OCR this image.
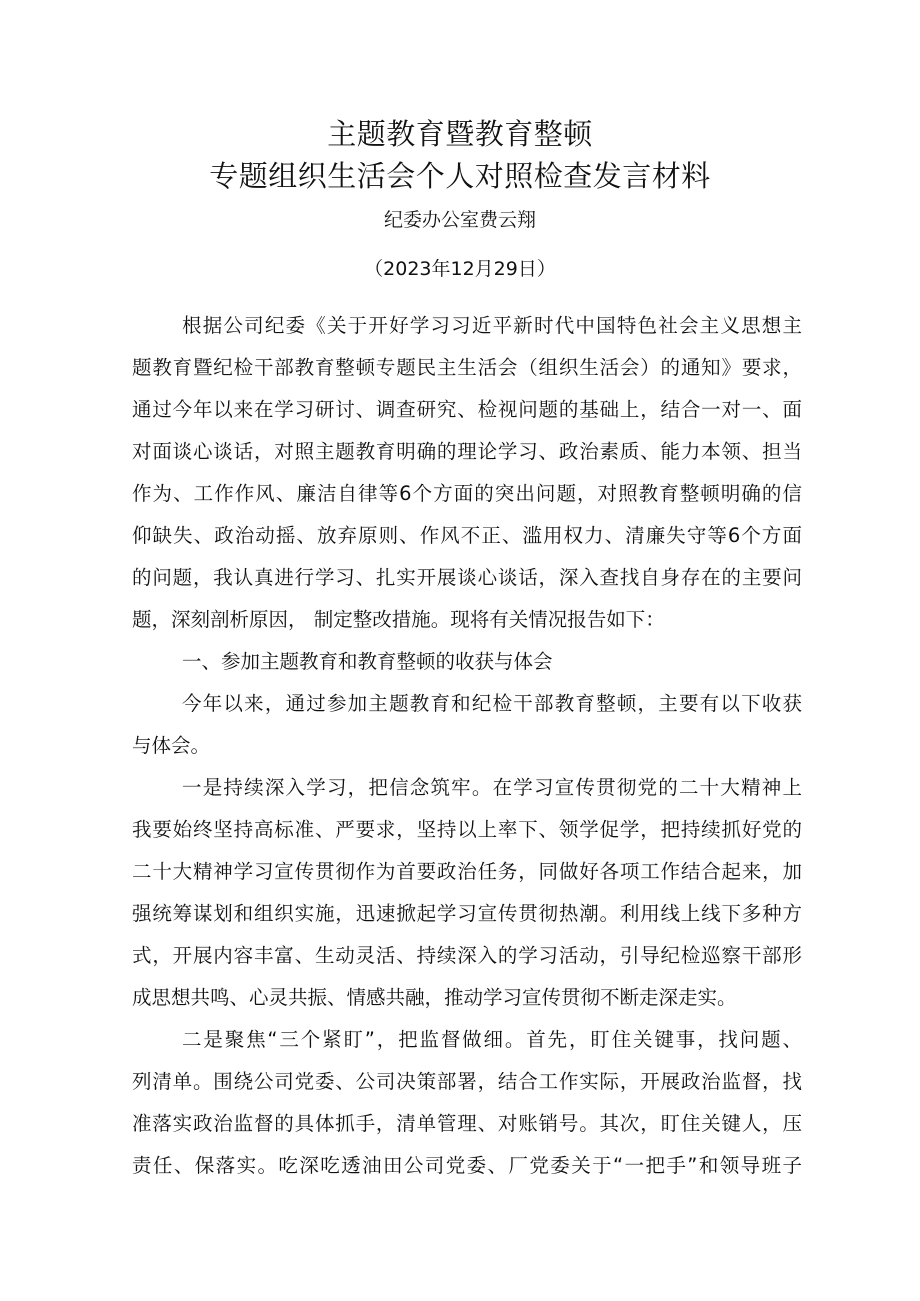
主题教育暨教育整顿
专题组织生活会个人对照检查发言材料
纪委办公室费云翔
（2023年12月29日）
根据公司纪委《关于开好学习习近平新时代中国特色社会主义思想主
题教育暨纪检干部教育整顿专题民主生活会（组织生活会）的通知》要求，
通过今年以来在学习研讨、调查研究、检视问题的基础上，结合一对一、面
对面谈心谈话，对照主题教育明确的理论学习、政治素质、能力本领、担当
作为、工作作风、廉洁自律等6个方面的突出问题，对照教育整顿明确的信
仰缺失、政治动摇、放弃原则、作风不正、滥用权力、清廉失守等6个方面
的问题，我认真进行学习、扎实开展谈心谈话，深入查找自身存在的主要问
题，深刻剖析原因， 制定整改措施。现将有关情况报告如下：
一、参加主题教育和教育整顿的收获与体会
今年以来，通过参加主题教育和纪检干部教育整顿，主要有以下收获
与体会。
一是持续深入学习，把信念筑牢。在学习宣传贯彻党的二十大精神上
我要始终坚持高标准、严要求，坚持以上率下、领学促学，把持续抓好党的
二十大精神学习宣传贯彻作为首要政治任务，同做好各项工作结合起来，加
强统筹谋划和组织实施，迅速掀起学习宣传贯彻热潮。利用线上线下多种方
式，开展内容丰富、生动灵活、持续深入的学习活动，引导纪检巡察干部形
成思想共鸣、心灵共振、情感共融，推动学习宣传贯彻不断走深走实。
二是聚焦“三个紧盯”，把监督做细。首先，盯住关键事，找问题、
列清单。围绕公司党委、公司决策部署，结合工作实际，开展政治监督，找
准落实政治监督的具体抓手，清单管理、对账销号。其次，盯住关键人，压
责任、保落实。吃深吃透油田公司党委、厂党委关于“一把手”和领导班子
